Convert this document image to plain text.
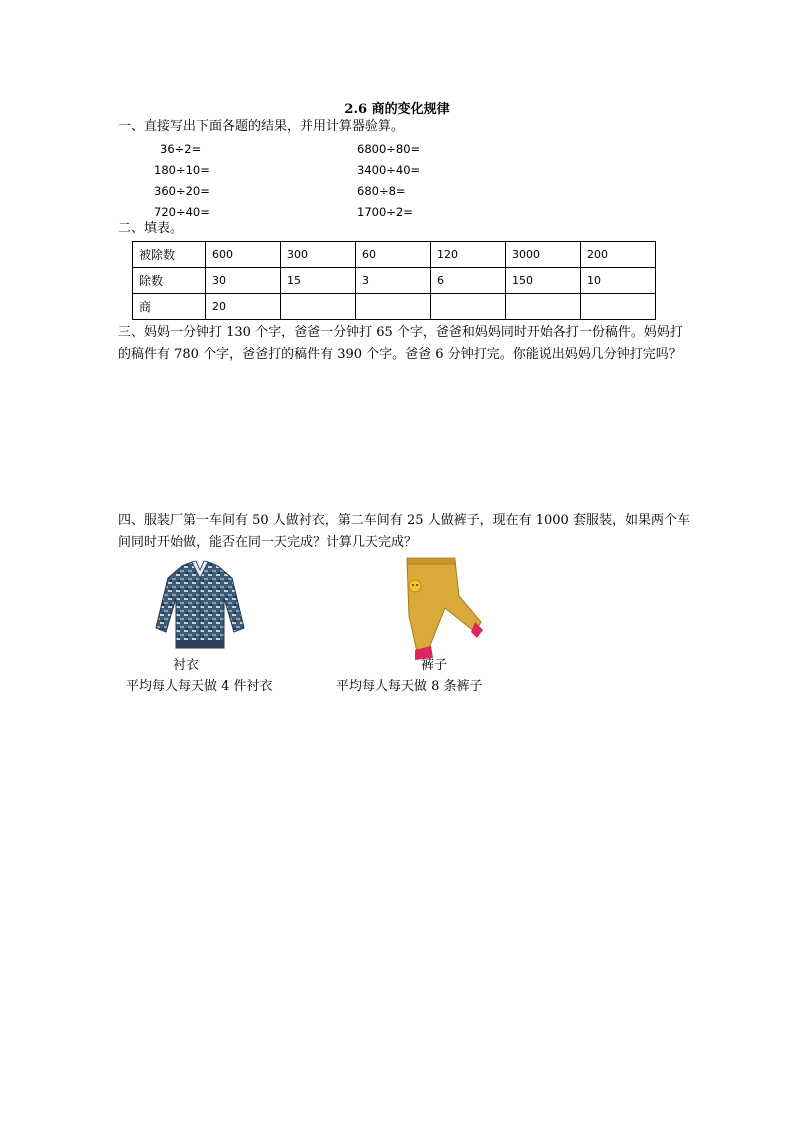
2.6 商的变化规律
一、直接写出下面各题的结果，并用计算器验算。
36÷2=
180÷10=
360÷20=
720÷40=
6800÷80=
3400÷40=
680÷8=
1700÷2=
二、填表。
被除数	600	300	60	120	3000	200
除数	30	15	3	6	150	10
商	20					
三、妈妈一分钟打 130 个字，爸爸一分钟打 65 个字，爸爸和妈妈同时开始各打一份稿件。妈妈打的稿件有 780 个字，爸爸打的稿件有 390 个字。爸爸 6 分钟打完。你能说出妈妈几分钟打完吗？
四、服装厂第一车间有 50 人做衬衣，第二车间有 25 人做裤子，现在有 1000 套服装，如果两个车间同时开始做，能否在同一天完成？计算几天完成？
衬衣
平均每人每天做 4 件衬衣
裤子
平均每人每天做 8 条裤子
